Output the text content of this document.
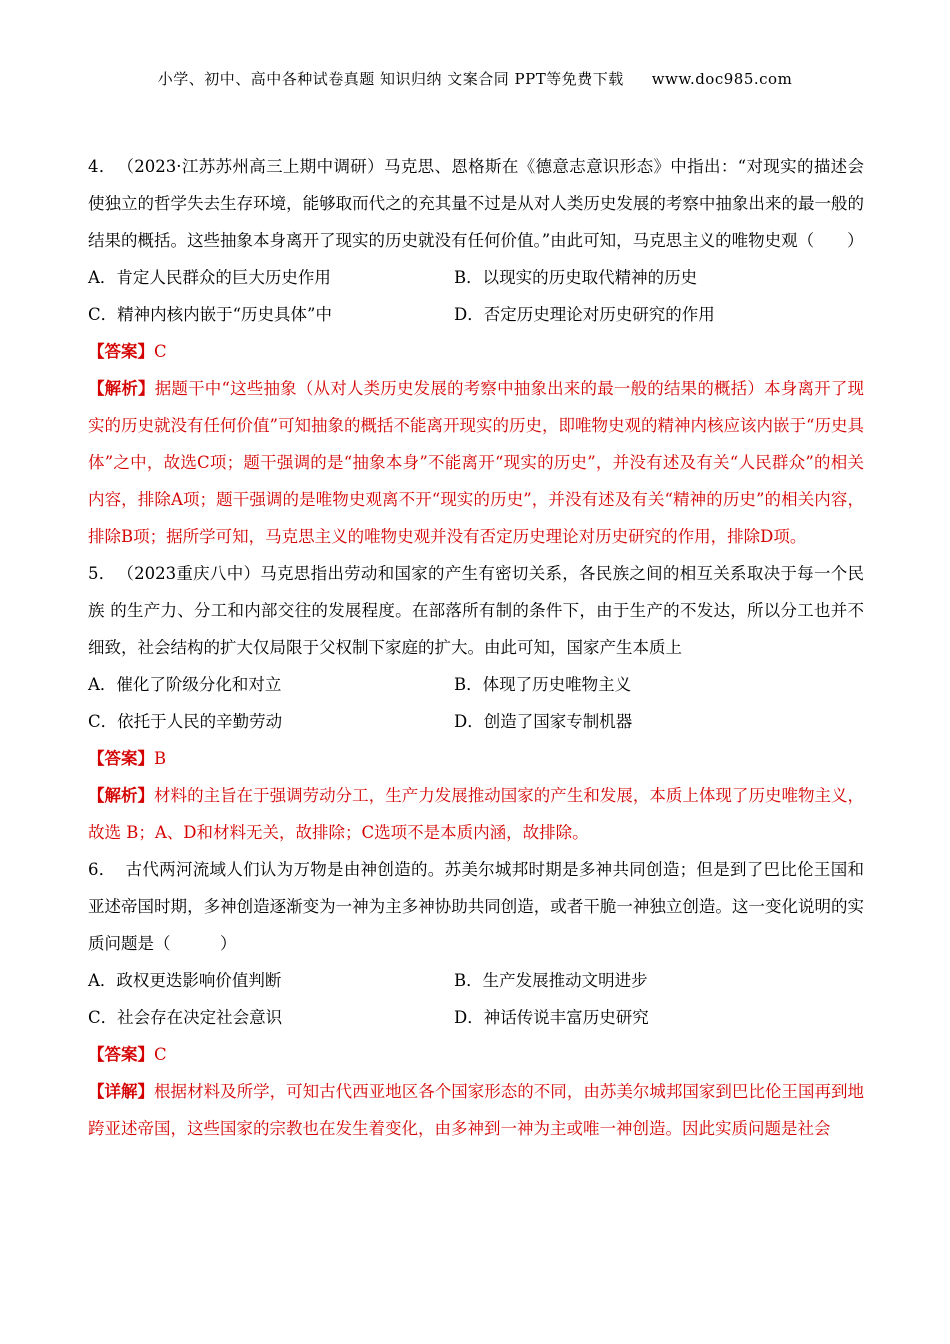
小学、初中、高中各种试卷真题 知识归纳 文案合同 PPT等免费下载 www.doc985.com
4． （2023·江苏苏州高三上期中调研）马克思、恩格斯在《德意志意识形态》中指出：“对现实的描述会使独立的哲学失去生存环境，能够取而代之的充其量不过是从对人类历史发展的考察中抽象出来的最一般的结果的概括。这些抽象本身离开了现实的历史就没有任何价值。”由此可知，马克思主义的唯物史观（　　）
A．肯定人民群众的巨大历史作用	B．以现实的历史取代精神的历史
C．精神内核内嵌于“历史具体”中	D．否定历史理论对历史研究的作用
【答案】C
【解析】据题干中“这些抽象（从对人类历史发展的考察中抽象出来的最一般的结果的概括）本身离开了现实的历史就没有任何价值”可知抽象的概括不能离开现实的历史，即唯物史观的精神内核应该内嵌于“历史具体”之中，故选C项；题干强调的是“抽象本身”不能离开“现实的历史”，并没有述及有关“人民群众”的相关内容，排除A项；题干强调的是唯物史观离不开“现实的历史”，并没有述及有关“精神的历史”的相关内容，排除B项；据所学可知，马克思主义的唯物史观并没有否定历史理论对历史研究的作用，排除D项。
5． （2023重庆八中）马克思指出劳动和国家的产生有密切关系，各民族之间的相互关系取决于每一个民族 的生产力、分工和内部交往的发展程度。在部落所有制的条件下，由于生产的不发达，所以分工也并不细致，社会结构的扩大仅局限于父权制下家庭的扩大。由此可知，国家产生本质上
A．催化了阶级分化和对立	B．体现了历史唯物主义
C．依托于人民的辛勤劳动	D．创造了国家专制机器
【答案】B
【解析】材料的主旨在于强调劳动分工，生产力发展推动国家的产生和发展，本质上体现了历史唯物主义，故选 B；A、D和材料无关，故排除；C选项不是本质内涵，故排除。
6． 古代两河流域人们认为万物是由神创造的。苏美尔城邦时期是多神共同创造；但是到了巴比伦王国和亚述帝国时期，多神创造逐渐变为一神为主多神协助共同创造，或者干脆一神独立创造。这一变化说明的实质问题是（　　　）
A．政权更迭影响价值判断	B．生产发展推动文明进步
C．社会存在决定社会意识	D．神话传说丰富历史研究
【答案】C
【详解】根据材料及所学，可知古代西亚地区各个国家形态的不同，由苏美尔城邦国家到巴比伦王国再到地跨亚述帝国，这些国家的宗教也在发生着变化，由多神到一神为主或唯一神创造。因此实质问题是社会
